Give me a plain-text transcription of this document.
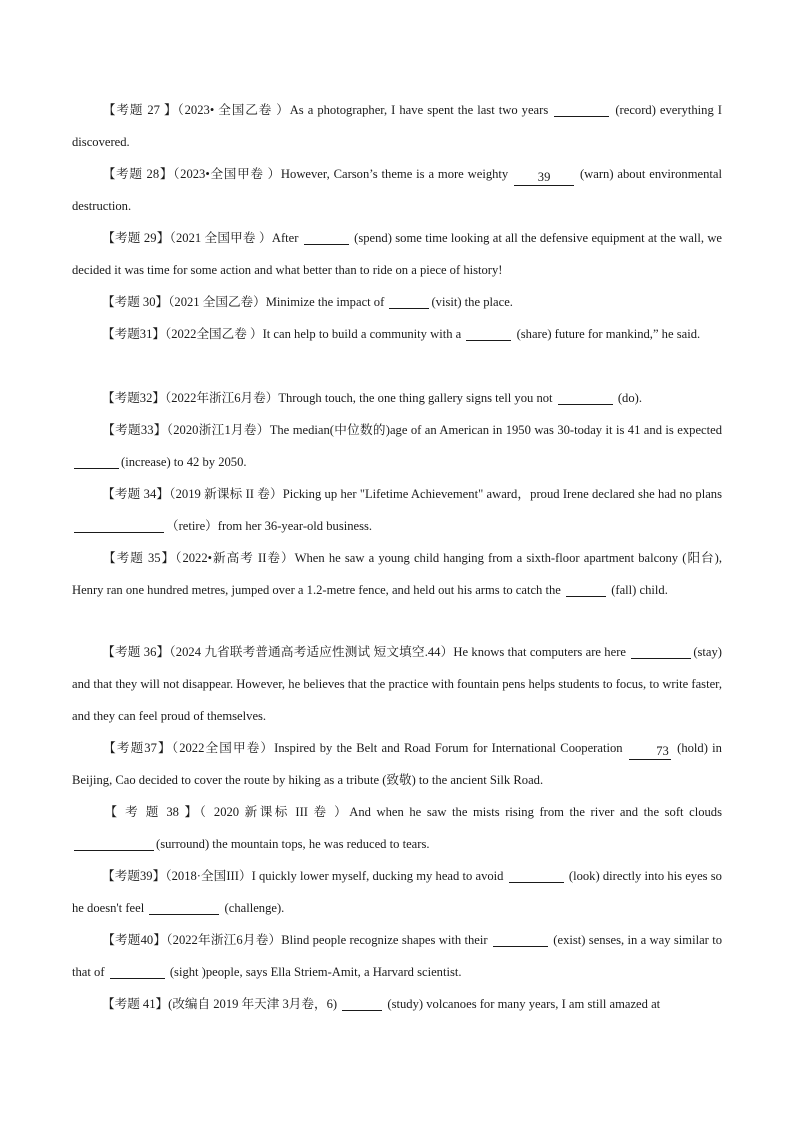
【考题 27 】（2023• 全国乙卷 ）As a photographer, I have spent the last two years	(record) everything I discovered.
【考题 28】（2023•全国甲卷 ）However, Carson’s theme is a more weighty 39 (warn) about environmental destruction.
【考题 29】（2021 全国甲卷 ）After	(spend) some time looking at all the defensive equipment at the wall, we decided it was time for some action and what better than to ride on a piece of history!
【考题 30】（2021 全国乙卷）Minimize the impact of	(visit) the place.
【考题31】（2022全国乙卷 ）It can help to build a community with a	(share) future for mankind,” he said.
【考题32】（2022年浙江6月卷）Through touch, the one thing gallery signs tell you not	(do).
【考题33】（2020浙江1月卷）The median(中位数的)age of an American in 1950 was 30-today it is 41 and is expected(increase) to 42 by 2050.
【考题 34】（2019 新课标 II 卷）Picking up her "Lifetime Achievement" award，proud Irene declared she had no plans （retire）from her 36-year-old business.
【考题 35】（2022•新高考 II卷）When he saw a young child hanging from a sixth-floor apartment balcony (阳台), Henry ran one hundred metres, jumped over a 1.2-metre fence, and held out his arms to catch the	(fall) child.
【考题 36】（2024 九省联考普通高考适应性测试 短文填空.44）He knows that computers are here	(stay) and that they will not disappear. However, he believes that the practice with fountain pens helps students to focus, to write faster, and they can feel proud of themselves.
【考题37】（2022全国甲卷）Inspired by the Belt and Road Forum for International Cooperation	73 (hold) in Beijing, Cao decided to cover the route by hiking as a tribute (致敬) to the ancient Silk Road.
【 考 题 38 】（ 2020 新课标 III 卷 ）And when he saw the mists rising from the river and the soft clouds(surround) the mountain tops, he was reduced to tears.
【考题39】（2018·全国III）I quickly lower myself, ducking my head to avoid	(look) directly into his eyes so he doesn't feel	(challenge).
【考题40】（2022年浙江6月卷）Blind people recognize shapes with their	(exist) senses, in a way similar to that of	(sight )people, says Ella Striem-Amit, a Harvard scientist.
【考题 41】(改编自 2019 年天津 3月卷，6)	(study) volcanoes for many years, I am still amazed at
